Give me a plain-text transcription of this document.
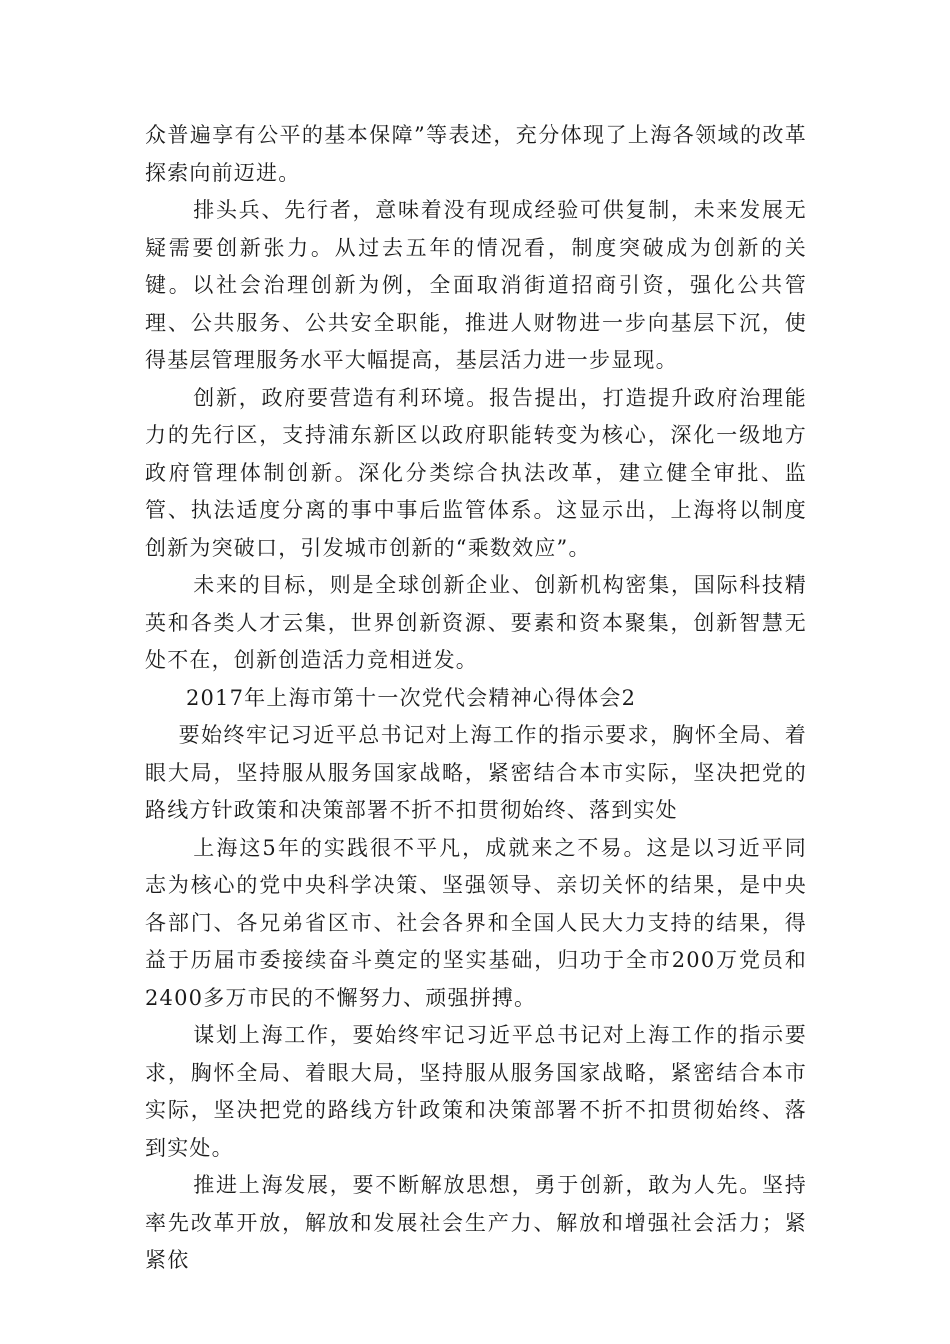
众普遍享有公平的基本保障”等表述，充分体现了上海各领域的改革探索向前迈进。

排头兵、先行者，意味着没有现成经验可供复制，未来发展无疑需要创新张力。从过去五年的情况看，制度突破成为创新的关键。以社会治理创新为例，全面取消街道招商引资，强化公共管理、公共服务、公共安全职能，推进人财物进一步向基层下沉，使得基层管理服务水平大幅提高，基层活力进一步显现。

创新，政府要营造有利环境。报告提出，打造提升政府治理能力的先行区，支持浦东新区以政府职能转变为核心，深化一级地方政府管理体制创新。深化分类综合执法改革，建立健全审批、监管、执法适度分离的事中事后监管体系。这显示出，上海将以制度创新为突破口，引发城市创新的“乘数效应”。

未来的目标，则是全球创新企业、创新机构密集，国际科技精英和各类人才云集，世界创新资源、要素和资本聚集，创新智慧无处不在，创新创造活力竞相迸发。

2017年上海市第十一次党代会精神心得体会2

要始终牢记习近平总书记对上海工作的指示要求，胸怀全局、着眼大局，坚持服从服务国家战略，紧密结合本市实际，坚决把党的路线方针政策和决策部署不折不扣贯彻始终、落到实处

上海这5年的实践很不平凡，成就来之不易。这是以习近平同志为核心的党中央科学决策、坚强领导、亲切关怀的结果，是中央各部门、各兄弟省区市、社会各界和全国人民大力支持的结果，得益于历届市委接续奋斗奠定的坚实基础，归功于全市200万党员和2400多万市民的不懈努力、顽强拼搏。

谋划上海工作，要始终牢记习近平总书记对上海工作的指示要求，胸怀全局、着眼大局，坚持服从服务国家战略，紧密结合本市实际，坚决把党的路线方针政策和决策部署不折不扣贯彻始终、落到实处。

推进上海发展，要不断解放思想，勇于创新，敢为人先。坚持率先改革开放，解放和发展社会生产力、解放和增强社会活力；紧紧依
